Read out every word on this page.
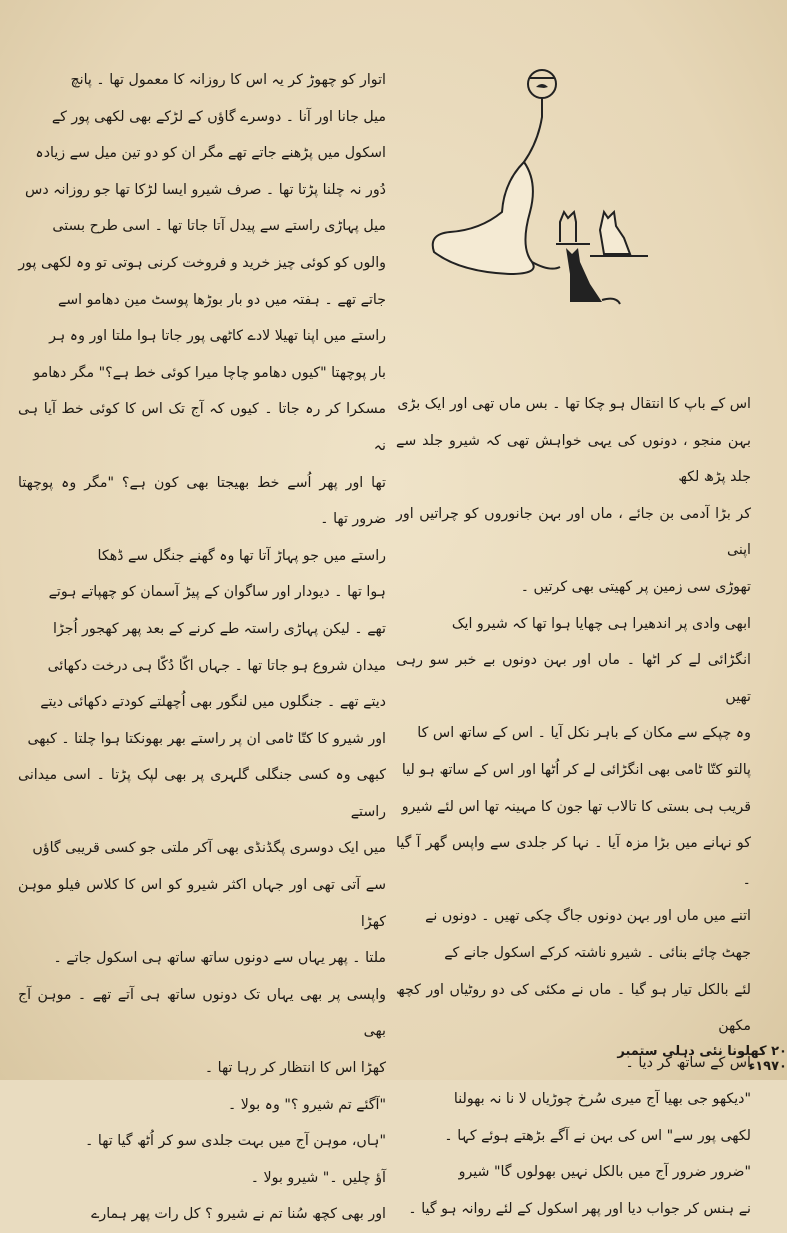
اتوار کو چھوڑ کر یہ اس کا روزانہ کا معمول تھا ۔ پانچ

میل جانا اور آنا ۔ دوسرے گاؤں کے لڑکے بھی لکھی پور کے

اسکول میں پڑھنے جاتے تھے مگر ان کو دو تین میل سے زیادہ

دُور نہ چلنا پڑتا تھا ۔ صرف شیرو ایسا لڑکا تھا جو روزانہ دس

میل پہاڑی راستے سے پیدل آتا جاتا تھا ۔ اسی طرح بستی

والوں کو کوئی چیز خرید و فروخت کرنی ہوتی تو وہ لکھی پور

جاتے تھے ۔ ہفتہ میں دو بار بوڑھا پوسٹ مین دھامو اسے

راستے میں اپنا تھیلا لادے کاٹھی پور جاتا ہوا ملتا اور وہ ہر

بار پوچھتا "کیوں دھامو چاچا میرا کوئی خط ہے؟" مگر دھامو

مسکرا کر رہ جاتا ۔ کیوں کہ آج تک اس کا کوئی خط آیا ہی نہ

تھا اور پھر اُسے خط بھیجتا بھی کون ہے؟ "مگر وہ پوچھتا ضرور تھا ۔

راستے میں جو پہاڑ آتا تھا وہ گھنے جنگل سے ڈھکا

ہوا تھا ۔ دیودار اور ساگوان کے پیڑ آسمان کو چھپاتے ہوتے

تھے ۔ لیکن پہاڑی راستہ طے کرنے کے بعد پھر کھجور اُجڑا

میدان شروع ہو جاتا تھا ۔ جہاں اکّا دُکّا ہی درخت دکھائی

دیتے تھے ۔ جنگلوں میں لنگور بھی اُچھلتے کودتے دکھائی دیتے

اور شیرو کا کتّا ٹامی ان پر راستے بھر بھونکتا ہوا چلتا ۔ کبھی

کبھی وہ کسی جنگلی گلہری پر بھی لپک پڑتا ۔ اسی میدانی راستے

میں ایک دوسری پگڈنڈی بھی آکر ملتی جو کسی قریبی گاؤں

سے آتی تھی اور جہاں اکثر شیرو کو اس کا کلاس فیلو موہن کھڑا

ملتا ۔ پھر یہاں سے دونوں ساتھ ساتھ ہی اسکول جاتے ۔

واپسی پر بھی یہاں تک دونوں ساتھ ہی آتے تھے ۔ موہن آج بھی

کھڑا اس کا انتظار کر رہا تھا ۔

"آگئے تم شیرو ؟" وہ بولا ۔

"ہاں، موہن آج میں بہت جلدی سو کر اُٹھ گیا تھا ۔

آؤ چلیں ۔" شیرو بولا ۔

اور بھی کچھ سُنا تم نے شیرو ؟ کل رات پھر ہمارے

اس کے باپ کا انتقال ہو چکا تھا ۔ بس ماں تھی اور ایک بڑی

بہن منجو ، دونوں کی یہی خواہش تھی کہ شیرو جلد سے جلد پڑھ لکھ

کر بڑا آدمی بن جائے ، ماں اور بہن جانوروں کو چراتیں اور اپنی

تھوڑی سی زمین پر کھیتی بھی کرتیں ۔

ابھی وادی پر اندھیرا ہی چھایا ہوا تھا کہ شیرو ایک

انگڑائی لے کر اٹھا ۔ ماں اور بہن دونوں بے خبر سو رہی تھیں

وہ چپکے سے مکان کے باہر نکل آیا ۔ اس کے ساتھ اس کا

پالتو کتّا ٹامی بھی انگڑائی لے کر اُٹھا اور اس کے ساتھ ہو لیا

قریب ہی بستی کا تالاب تھا جون کا مہینہ تھا اس لئے شیرو

کو نہانے میں بڑا مزہ آیا ۔ نہا کر جلدی سے واپس گھر آ گیا ۔

اتنے میں ماں اور بہن دونوں جاگ چکی تھیں ۔ دونوں نے

جھٹ چائے بنائی ۔ شیرو ناشتہ کرکے اسکول جانے کے

لئے بالکل تیار ہو گیا ۔ ماں نے مکئی کی دو روٹیاں اور کچھ مکھن

اس کے ساتھ کر دیا ۔

"دیکھو جی بھیا آج میری سُرخ چوڑیاں لا نا نہ بھولنا

لکھی پور سے" اس کی بہن نے آگے بڑھتے ہوئے کہا ۔

"ضرور ضرور آج میں بالکل نہیں بھولوں گا" شیرو

نے ہنس کر جواب دیا اور پھر اسکول کے لئے روانہ ہو گیا ۔

۲۰ کھلونا نئی دہلی ستمبر ۱۹۷۰ء
